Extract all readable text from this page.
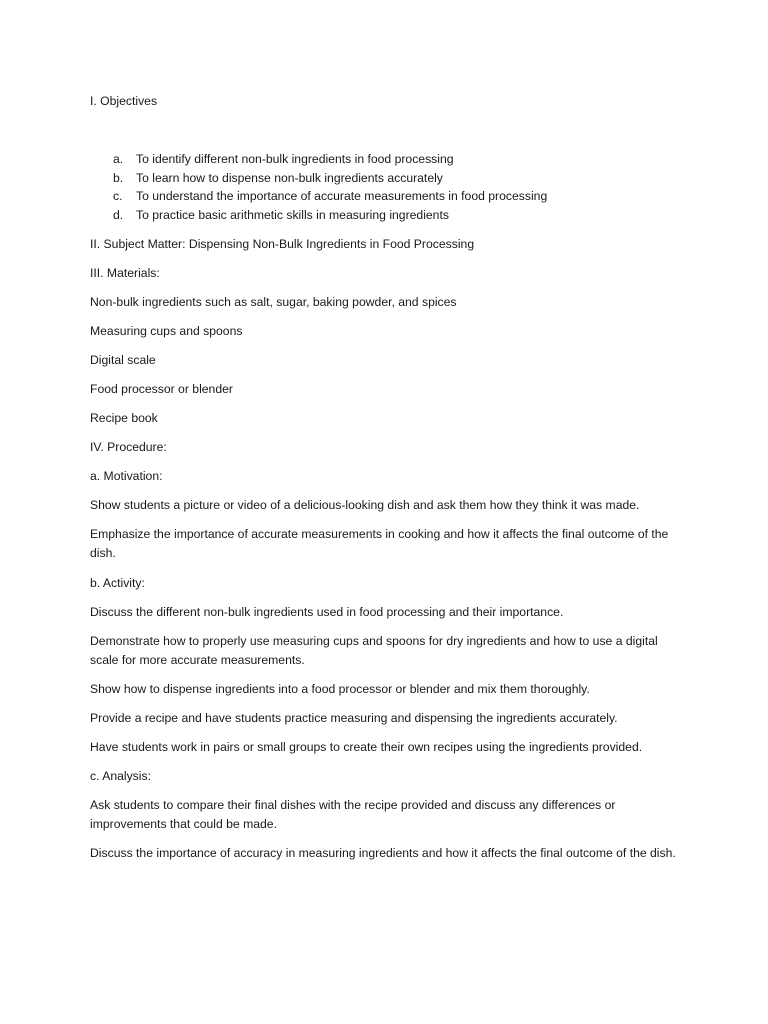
I. Objectives
a. To identify different non-bulk ingredients in food processing
b. To learn how to dispense non-bulk ingredients accurately
c. To understand the importance of accurate measurements in food processing
d. To practice basic arithmetic skills in measuring ingredients
II. Subject Matter: Dispensing Non-Bulk Ingredients in Food Processing
III. Materials:
Non-bulk ingredients such as salt, sugar, baking powder, and spices
Measuring cups and spoons
Digital scale
Food processor or blender
Recipe book
IV. Procedure:
a. Motivation:
Show students a picture or video of a delicious-looking dish and ask them how they think it was made.
Emphasize the importance of accurate measurements in cooking and how it affects the final outcome of the dish.
b. Activity:
Discuss the different non-bulk ingredients used in food processing and their importance.
Demonstrate how to properly use measuring cups and spoons for dry ingredients and how to use a digital scale for more accurate measurements.
Show how to dispense ingredients into a food processor or blender and mix them thoroughly.
Provide a recipe and have students practice measuring and dispensing the ingredients accurately.
Have students work in pairs or small groups to create their own recipes using the ingredients provided.
c. Analysis:
Ask students to compare their final dishes with the recipe provided and discuss any differences or improvements that could be made.
Discuss the importance of accuracy in measuring ingredients and how it affects the final outcome of the dish.
